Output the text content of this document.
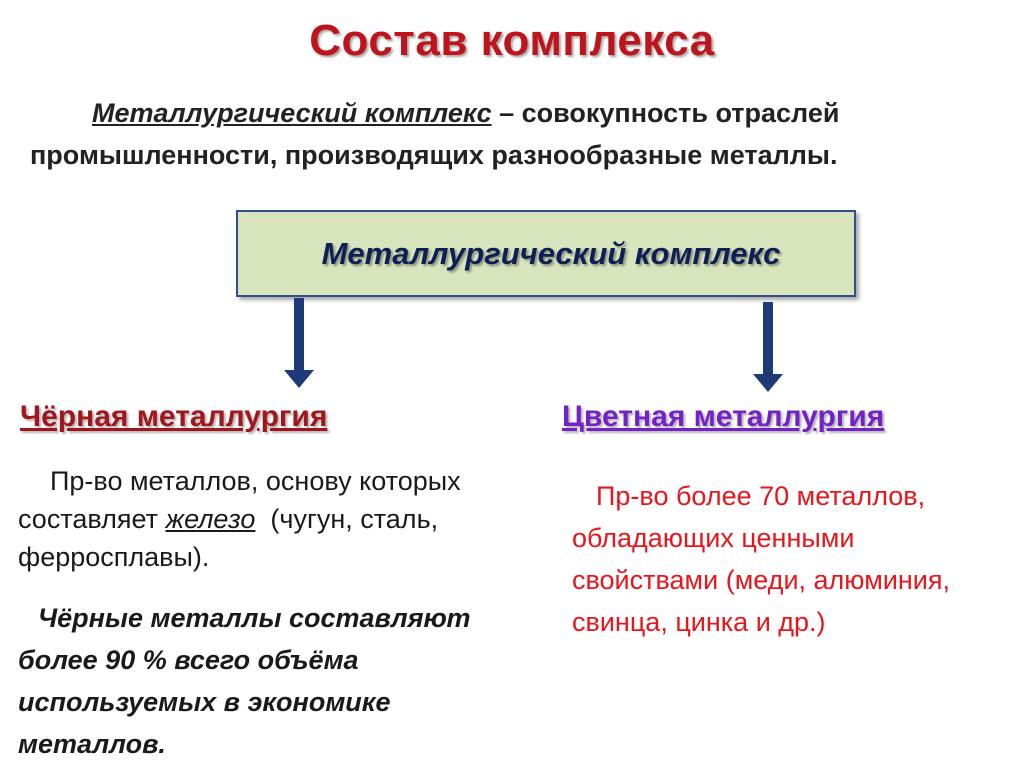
Состав комплекса
Металлургический комплекс – совокупность отраслей
промышленности, производящих разнообразные металлы.
Металлургический комплекс
Чёрная металлургия	Цветная металлургия
Пр-во металлов, основу которых составляет железо  (чугун, сталь, ферросплавы).
Чёрные металлы составляют более 90 % всего объёма используемых в экономике металлов.
Пр-во более 70 металлов, обладающих ценными свойствами (меди, алюминия, свинца, цинка и др.)
